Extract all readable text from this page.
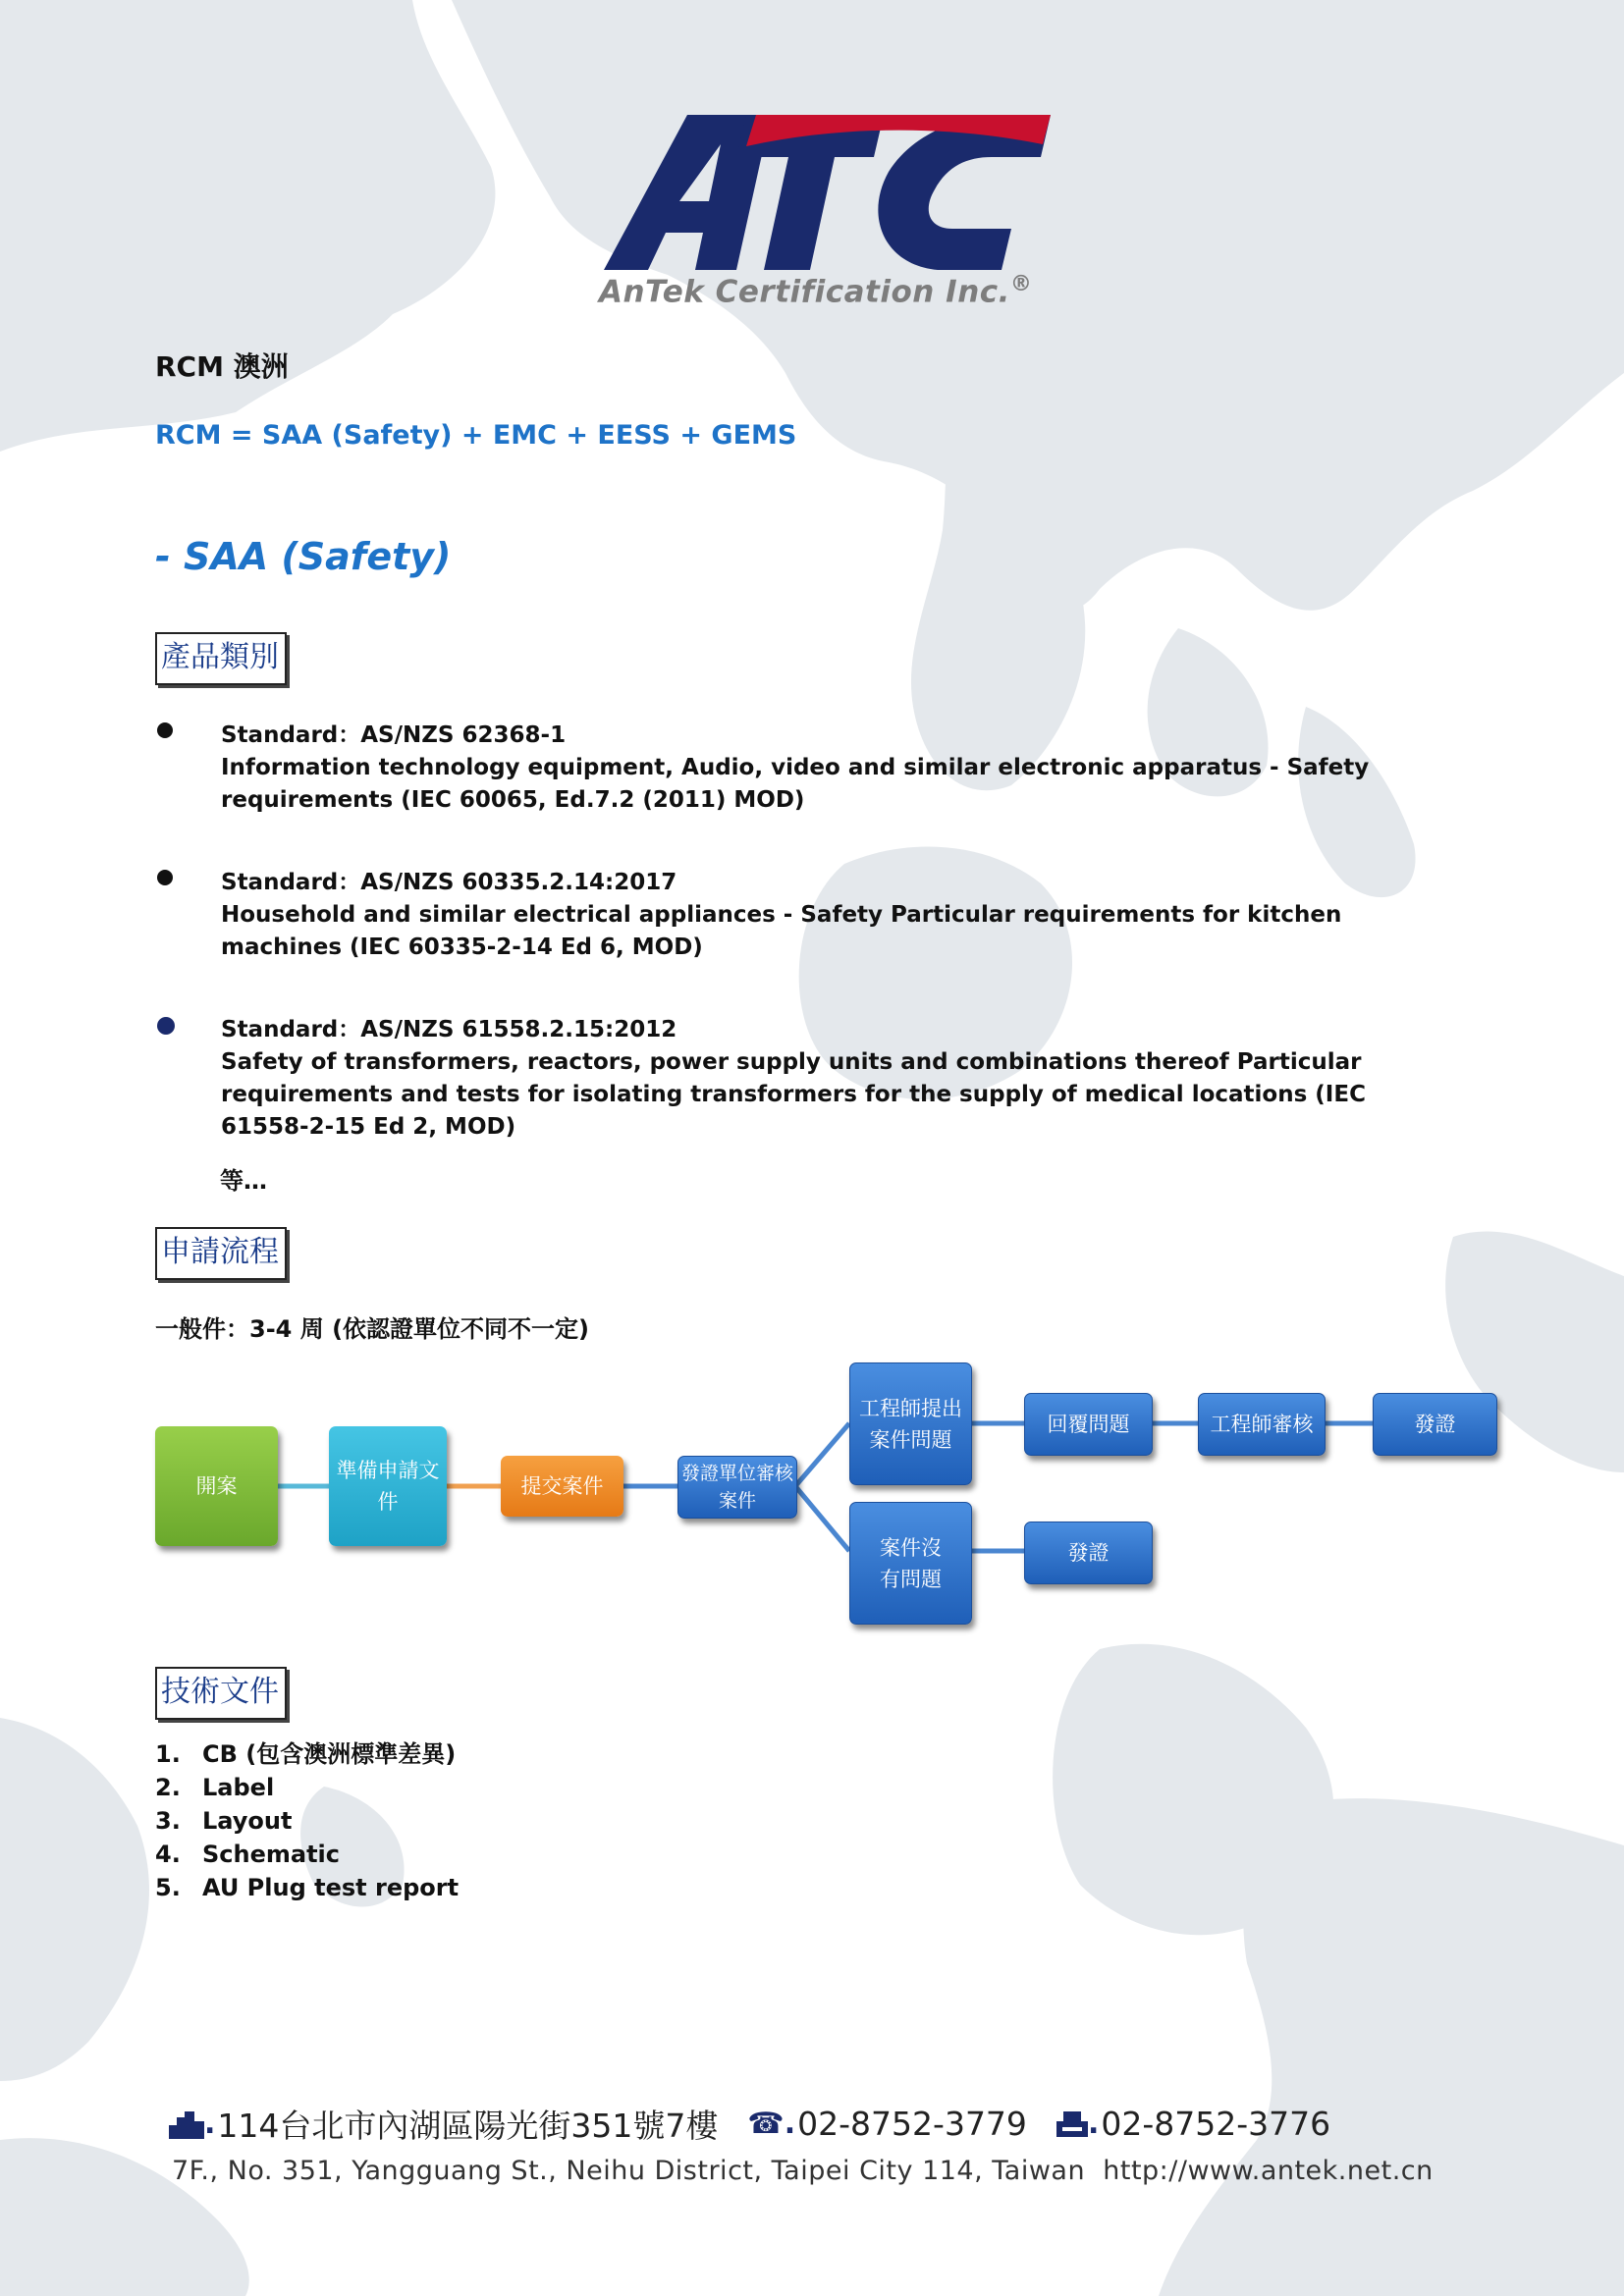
AnTek Certification Inc.®
RCM 澳洲
RCM = SAA (Safety) + EMC + EESS + GEMS
- SAA (Safety)
產品類別
Standard：AS/NZS 62368-1
Information technology equipment, Audio, video and similar electronic apparatus - Safety requirements (IEC 60065, Ed.7.2 (2011) MOD)
Standard：AS/NZS 60335.2.14:2017
Household and similar electrical appliances - Safety Particular requirements for kitchen machines (IEC 60335-2-14 Ed 6, MOD)
Standard：AS/NZS 61558.2.15:2012
Safety of transformers, reactors, power supply units and combinations thereof Particular requirements and tests for isolating transformers for the supply of medical locations (IEC 61558-2-15 Ed 2, MOD)
等…
申請流程
一般件：3-4 周 (依認證單位不同不一定)
開案
準備申請文件
提交案件
發證單位審核案件
工程師提出案件問題
回覆問題	工程師審核	發證
案件沒有問題
發證
技術文件
1. CB (包含澳洲標準差異)
2. Label
3. Layout
4. Schematic
5. AU Plug test report
. 114台北市內湖區陽光街351號7樓 ☎. 02-8752-3779 . 02-8752-3776
7F., No. 351, Yangguang St., Neihu District, Taipei City 114, Taiwan http://www.antek.net.cn
